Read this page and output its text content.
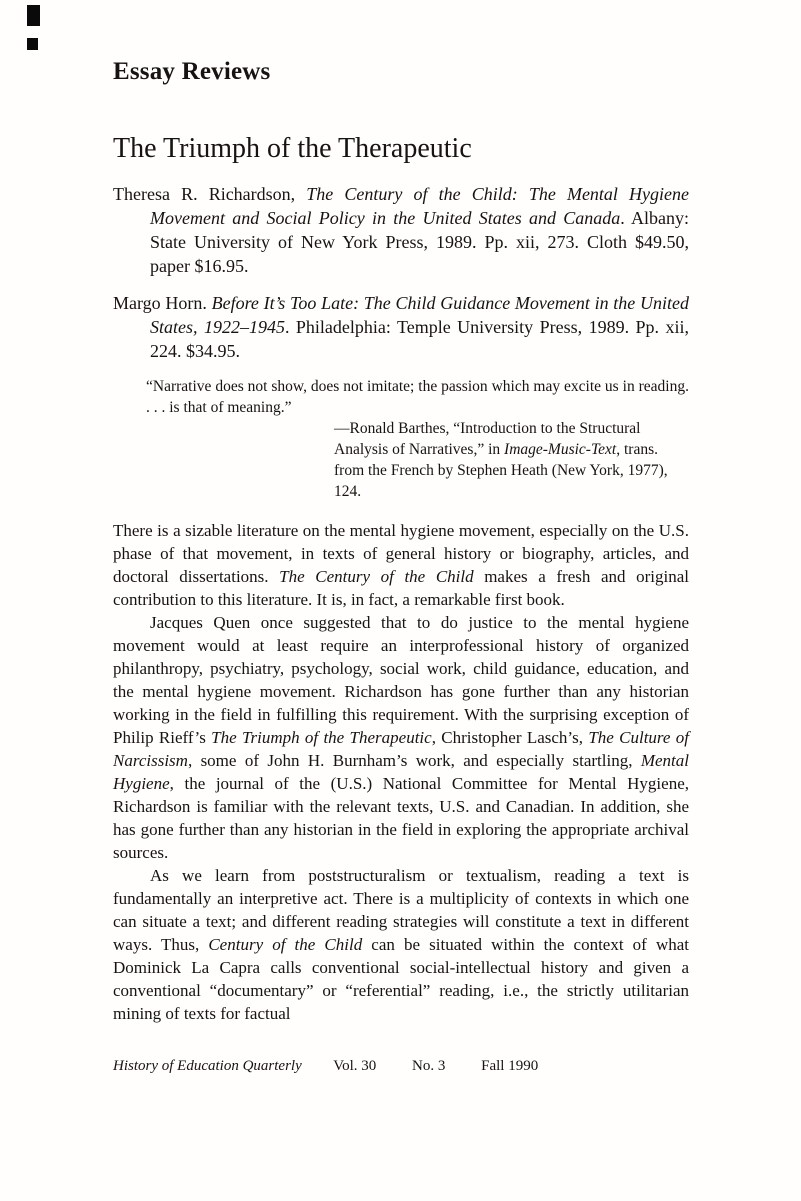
Essay Reviews
The Triumph of the Therapeutic

Theresa R. Richardson, The Century of the Child: The Mental Hygiene Movement and Social Policy in the United States and Canada. Albany: State University of New York Press, 1989. Pp. xii, 273. Cloth $49.50, paper $16.95.

Margo Horn. Before It’s Too Late: The Child Guidance Movement in the United States, 1922–1945. Philadelphia: Temple University Press, 1989. Pp. xii, 224. $34.95.

“Narrative does not show, does not imitate; the passion which may excite us in reading. . . . is that of meaning.”

—Ronald Barthes, “Introduction to the Structural Analysis of Narratives,” in Image-Music-Text, trans. from the French by Stephen Heath (New York, 1977), 124.

There is a sizable literature on the mental hygiene movement, especially on the U.S. phase of that movement, in texts of general history or biography, articles, and doctoral dissertations. The Century of the Child makes a fresh and original contribution to this literature. It is, in fact, a remarkable first book.

Jacques Quen once suggested that to do justice to the mental hygiene movement would at least require an interprofessional history of organized philanthropy, psychiatry, psychology, social work, child guidance, education, and the mental hygiene movement. Richardson has gone further than any historian working in the field in fulfilling this requirement. With the surprising exception of Philip Rieff’s The Triumph of the Therapeutic, Christopher Lasch’s, The Culture of Narcissism, some of John H. Burnham’s work, and especially startling, Mental Hygiene, the journal of the (U.S.) National Committee for Mental Hygiene, Richardson is familiar with the relevant texts, U.S. and Canadian. In addition, she has gone further than any historian in the field in exploring the appropriate archival sources.

As we learn from poststructuralism or textualism, reading a text is fundamentally an interpretive act. There is a multiplicity of contexts in which one can situate a text; and different reading strategies will constitute a text in different ways. Thus, Century of the Child can be situated within the context of what Dominick La Capra calls conventional social-intellectual history and given a conventional “documentary” or “referential” reading, i.e., the strictly utilitarian mining of texts for factual

History of Education Quarterly Vol. 30 No. 3 Fall 1990
